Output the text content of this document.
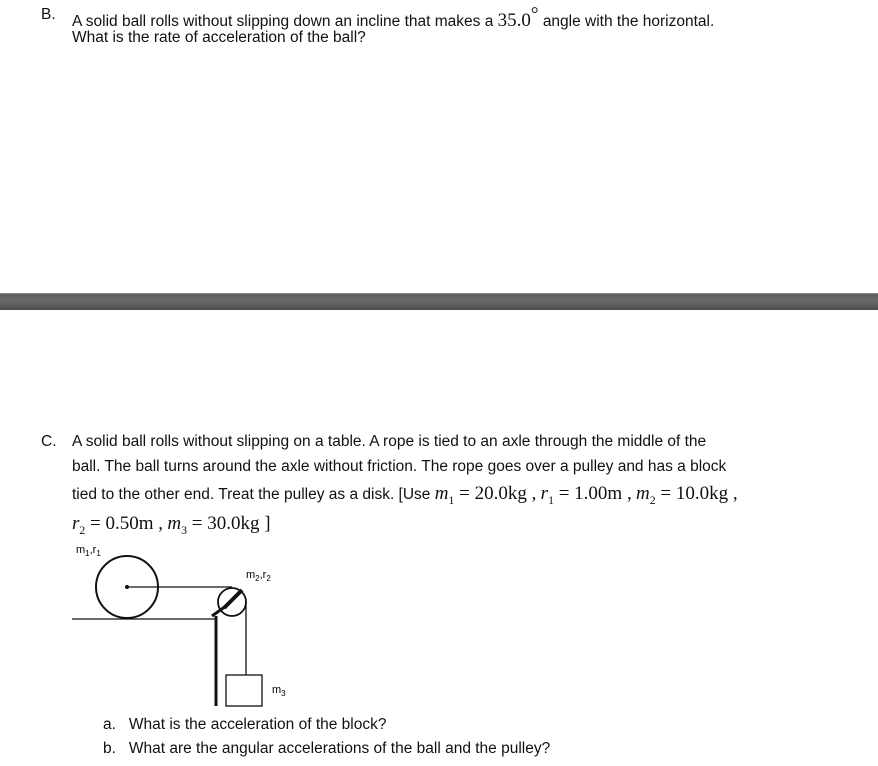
B. A solid ball rolls without slipping down an incline that makes a 35.0° angle with the horizontal.
What is the rate of acceleration of the ball?
C. A solid ball rolls without slipping on a table. A rope is tied to an axle through the middle of the
ball. The ball turns around the axle without friction. The rope goes over a pulley and has a block
tied to the other end. Treat the pulley as a disk. [Use $m_1 = 20.0kg$ , $r_1 = 1.00m$ , $m_2 = 10.0kg$ ,
$r_2 = 0.50m$ , $m_3 = 30.0kg$ ]
$m_1,r_1$
$m_2,r_2$
$m_3$
a. What is the acceleration of the block?
b. What are the angular accelerations of the ball and the pulley?
